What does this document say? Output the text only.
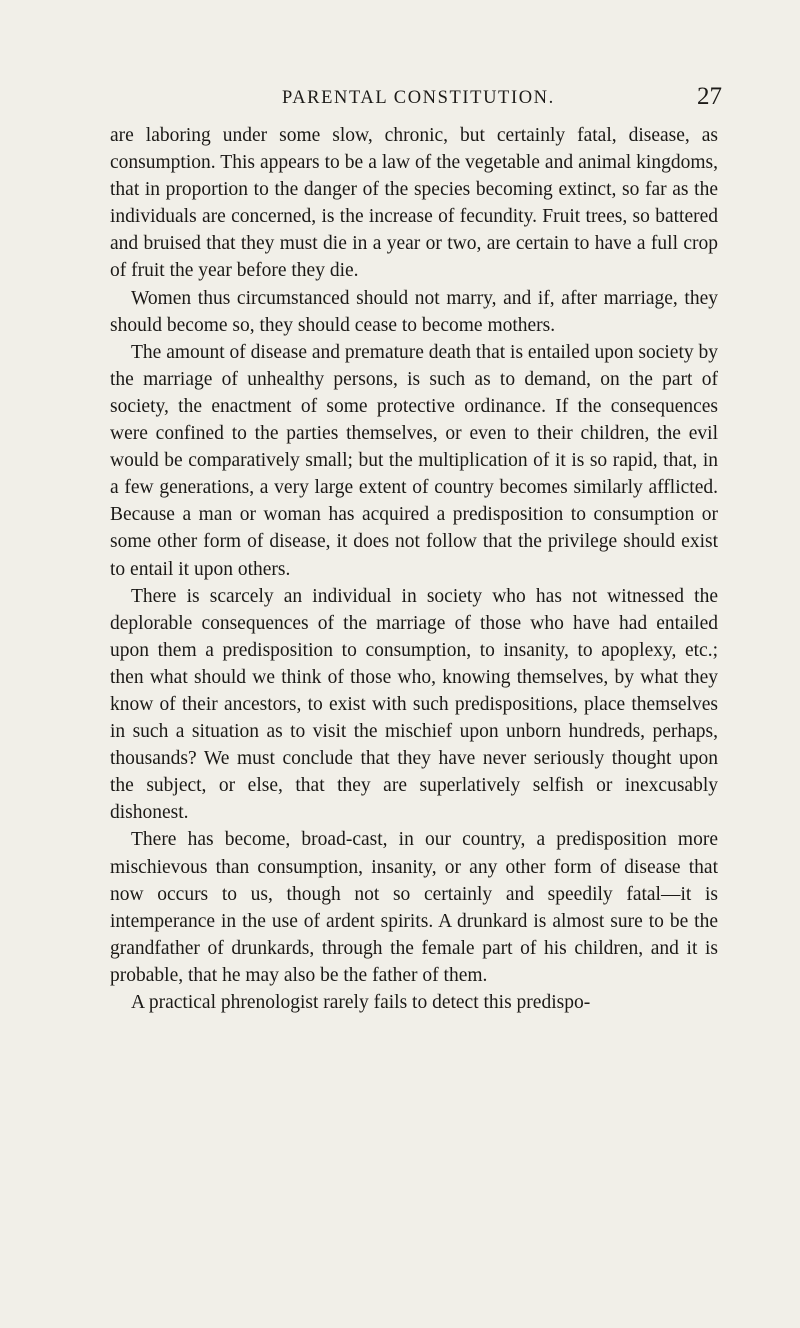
PARENTAL CONSTITUTION.	27

are laboring under some slow, chronic, but certainly fatal, disease, as consumption. This appears to be a law of the vegetable and animal kingdoms, that in proportion to the danger of the species becoming extinct, so far as the individuals are concerned, is the increase of fecundity. Fruit trees, so battered and bruised that they must die in a year or two, are certain to have a full crop of fruit the year before they die.

Women thus circumstanced should not marry, and if, after marriage, they should become so, they should cease to become mothers.

The amount of disease and premature death that is entailed upon society by the marriage of unhealthy persons, is such as to demand, on the part of society, the enactment of some protective ordinance. If the consequences were confined to the parties themselves, or even to their children, the evil would be comparatively small; but the multiplication of it is so rapid, that, in a few generations, a very large extent of country becomes similarly afflicted. Because a man or woman has acquired a predisposition to consumption or some other form of disease, it does not follow that the privilege should exist to entail it upon others.

There is scarcely an individual in society who has not witnessed the deplorable consequences of the marriage of those who have had entailed upon them a predisposition to consumption, to insanity, to apoplexy, etc.; then what should we think of those who, knowing themselves, by what they know of their ancestors, to exist with such predispositions, place themselves in such a situation as to visit the mischief upon unborn hundreds, perhaps, thousands? We must conclude that they have never seriously thought upon the subject, or else, that they are superlatively selfish or inexcusably dishonest.

There has become, broad-cast, in our country, a predisposition more mischievous than consumption, insanity, or any other form of disease that now occurs to us, though not so certainly and speedily fatal—it is intemperance in the use of ardent spirits. A drunkard is almost sure to be the grandfather of drunkards, through the female part of his children, and it is probable, that he may also be the father of them.

A practical phrenologist rarely fails to detect this predispo-
